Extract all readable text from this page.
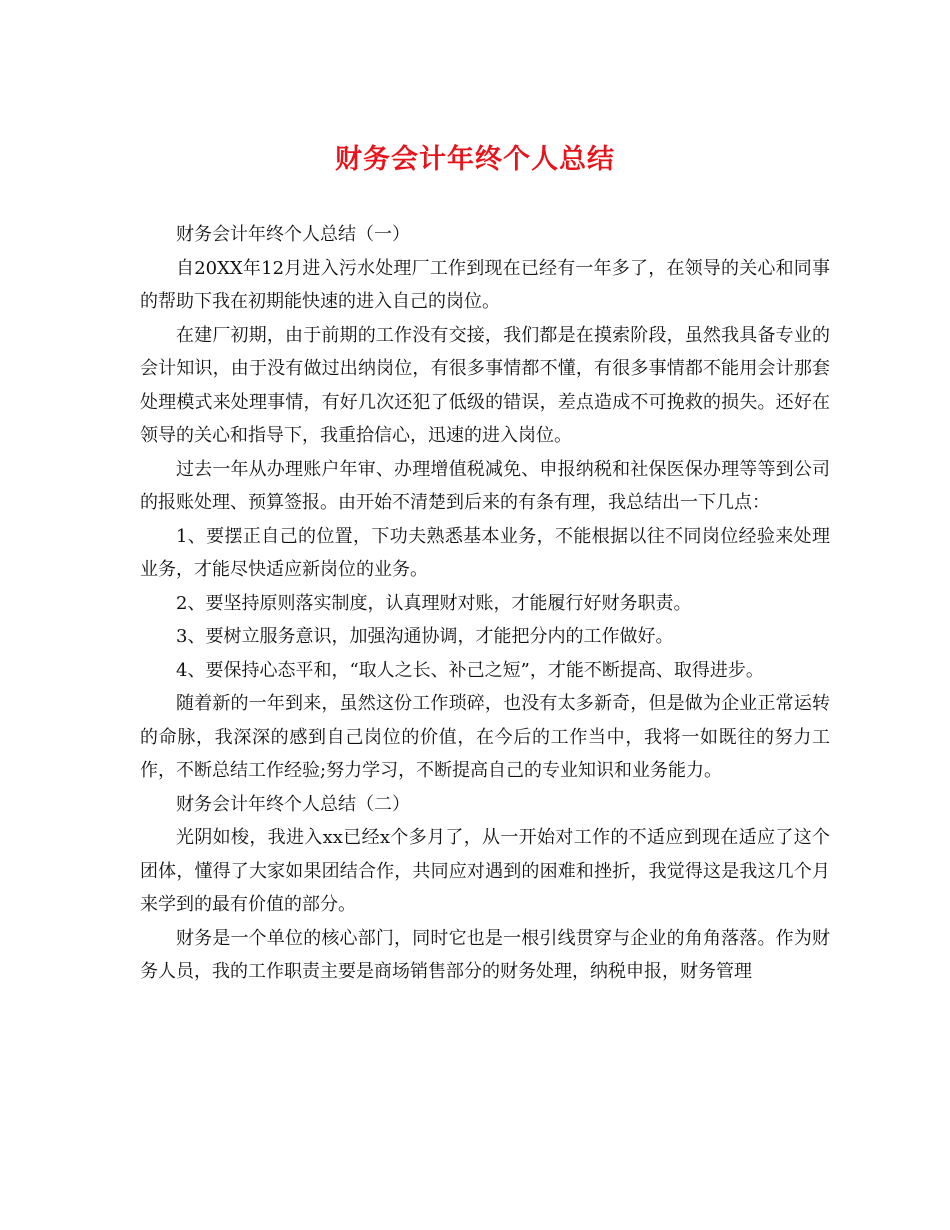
财务会计年终个人总结

财务会计年终个人总结（一）

自20XX年12月进入污水处理厂工作到现在已经有一年多了，在领导的关心和同事的帮助下我在初期能快速的进入自己的岗位。

在建厂初期，由于前期的工作没有交接，我们都是在摸索阶段，虽然我具备专业的会计知识，由于没有做过出纳岗位，有很多事情都不懂，有很多事情都不能用会计那套处理模式来处理事情，有好几次还犯了低级的错误，差点造成不可挽救的损失。还好在领导的关心和指导下，我重拾信心，迅速的进入岗位。

过去一年从办理账户年审、办理增值税减免、申报纳税和社保医保办理等等到公司的报账处理、预算签报。由开始不清楚到后来的有条有理，我总结出一下几点：

1、要摆正自己的位置，下功夫熟悉基本业务，不能根据以往不同岗位经验来处理业务，才能尽快适应新岗位的业务。

2、要坚持原则落实制度，认真理财对账，才能履行好财务职责。

3、要树立服务意识，加强沟通协调，才能把分内的工作做好。

4、要保持心态平和，“取人之长、补己之短”，才能不断提高、取得进步。

随着新的一年到来，虽然这份工作琐碎，也没有太多新奇，但是做为企业正常运转的命脉，我深深的感到自己岗位的价值，在今后的工作当中，我将一如既往的努力工作，不断总结工作经验;努力学习，不断提高自己的专业知识和业务能力。

财务会计年终个人总结（二）

光阴如梭，我进入xx已经x个多月了，从一开始对工作的不适应到现在适应了这个团体，懂得了大家如果团结合作，共同应对遇到的困难和挫折，我觉得这是我这几个月来学到的最有价值的部分。

财务是一个单位的核心部门，同时它也是一根引线贯穿与企业的角角落落。作为财务人员，我的工作职责主要是商场销售部分的财务处理，纳税申报，财务管理
